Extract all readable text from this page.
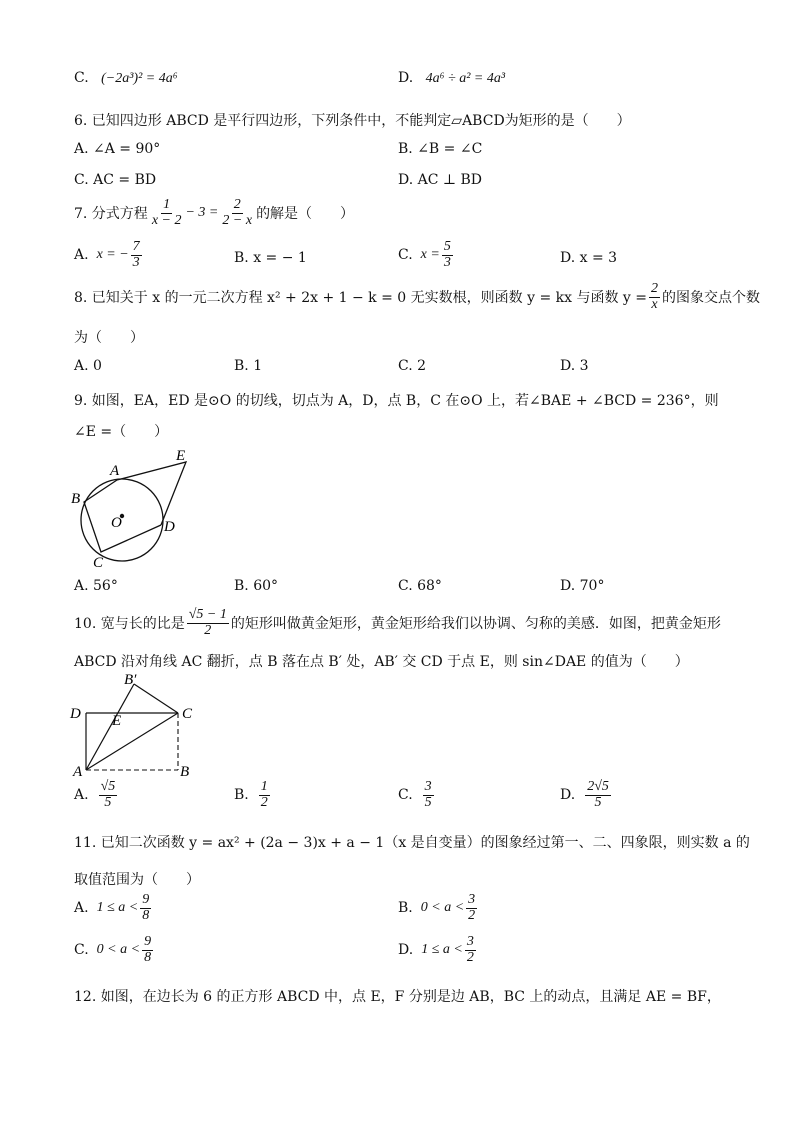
C. (−2a³)² = 4a⁶	D. 4a⁶ ÷ a² = 4a³
6. 已知四边形 ABCD 是平行四边形，下列条件中，不能判定▱ABCD为矩形的是（　　）
A. ∠A = 90°	B. ∠B = ∠C
C. AC = BD	D. AC ⊥ BD
7. 分式方程 $\frac{1}{x - 2} - 3 = \frac{2}{2 - x}$ 的解是（　　）
A. x = − $\frac{7}{3}$	B. x = − 1	C. $x = \frac{5}{3}$	D. x = 3
8. 已知关于 x 的一元二次方程 x² + 2x + 1 − k = 0 无实数根，则函数 y = kx 与函数 $y = \frac{2}{x}$ 的图象交点个数
为（　　）
A. 0	B. 1	C. 2	D. 3
9. 如图，EA，ED 是⊙O 的切线，切点为 A，D，点 B，C 在⊙O 上，若∠BAE + ∠BCD = 236°，则
∠E =（　　）
A
E
B
O	D
C
A. 56°	B. 60°	C. 68°	D. 70°
10. 宽与长的比是 $\frac{√5 - 1}{2}$ 的矩形叫做黄金矩形，黄金矩形给我们以协调、匀称的美感．如图，把黄金矩形
ABCD 沿对角线 AC 翻折，点 B 落在点 B′ 处，AB′ 交 CD 于点 E，则 sin∠DAE 的值为（　　）
B′
D E	C
A	B
A. $\frac{√5}{5}$	B. $\frac{1}{2}$	C. $\frac{3}{5}$	D. $\frac{2√5}{5}$
11. 已知二次函数 y = ax² + (2a − 3)x + a − 1（x 是自变量）的图象经过第一、二、四象限，则实数 a 的
取值范围为（　　）
A. $1 \le a < \frac{9}{8}$	B. $0 < a < \frac{3}{2}$
C. $0 < a < \frac{9}{8}$	D. $1 \le a < \frac{3}{2}$
12. 如图，在边长为 6 的正方形 ABCD 中，点 E，F 分别是边 AB，BC 上的动点，且满足 AE = BF，
